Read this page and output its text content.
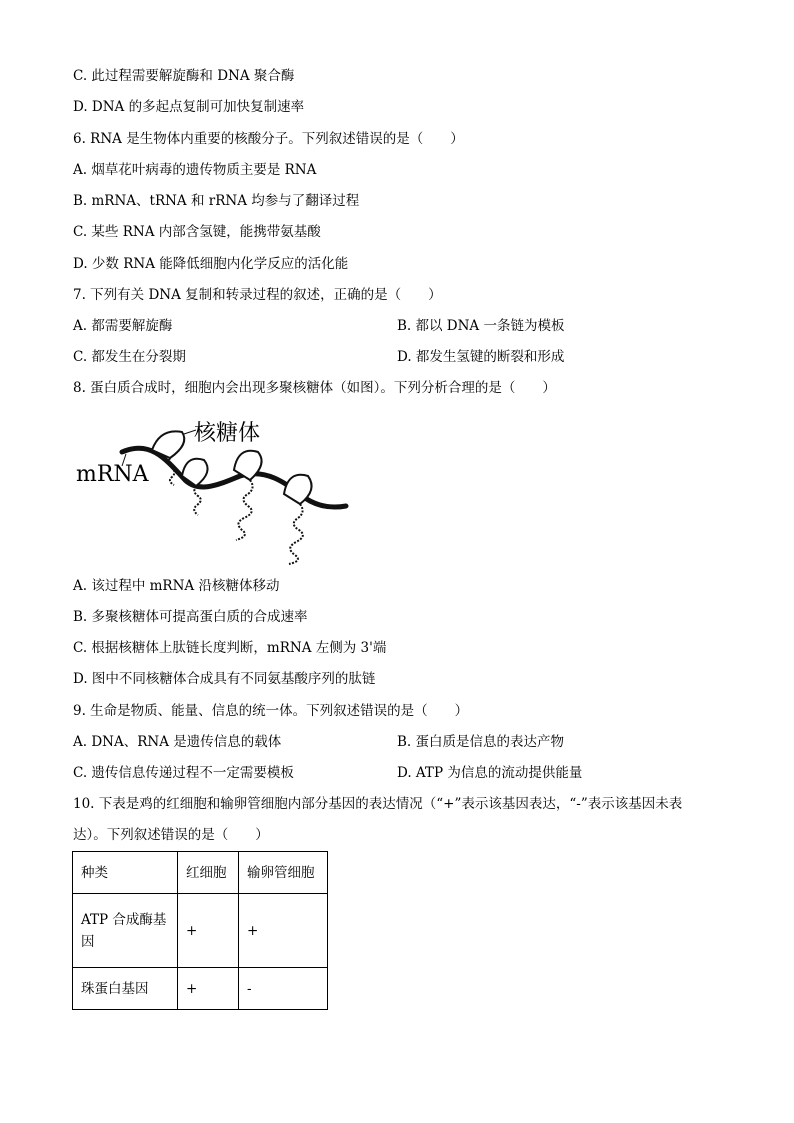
C. 此过程需要解旋酶和 DNA 聚合酶
D. DNA 的多起点复制可加快复制速率
6. RNA 是生物体内重要的核酸分子。下列叙述错误的是（　　）
A. 烟草花叶病毒的遗传物质主要是 RNA
B. mRNA、tRNA 和 rRNA 均参与了翻译过程
C. 某些 RNA 内部含氢键，能携带氨基酸
D. 少数 RNA 能降低细胞内化学反应的活化能
7. 下列有关 DNA 复制和转录过程的叙述，正确的是（　　）
A. 都需要解旋酶	B. 都以 DNA 一条链为模板
C. 都发生在分裂期	D. 都发生氢键的断裂和形成
8. 蛋白质合成时，细胞内会出现多聚核糖体（如图）。下列分析合理的是（　　）
核糖体
mRNA
A. 该过程中 mRNA 沿核糖体移动
B. 多聚核糖体可提高蛋白质的合成速率
C. 根据核糖体上肽链长度判断，mRNA 左侧为 3'端
D. 图中不同核糖体合成具有不同氨基酸序列的肽链
9. 生命是物质、能量、信息的统一体。下列叙述错误的是（　　）
A. DNA、RNA 是遗传信息的载体	B. 蛋白质是信息的表达产物
C. 遗传信息传递过程不一定需要模板	D. ATP 为信息的流动提供能量
10. 下表是鸡的红细胞和输卵管细胞内部分基因的表达情况（“+”表示该基因表达，“-”表示该基因未表
达）。下列叙述错误的是（　　）
种类	红细胞	输卵管细胞
ATP 合成酶基
因	+	+
珠蛋白基因	+	-
